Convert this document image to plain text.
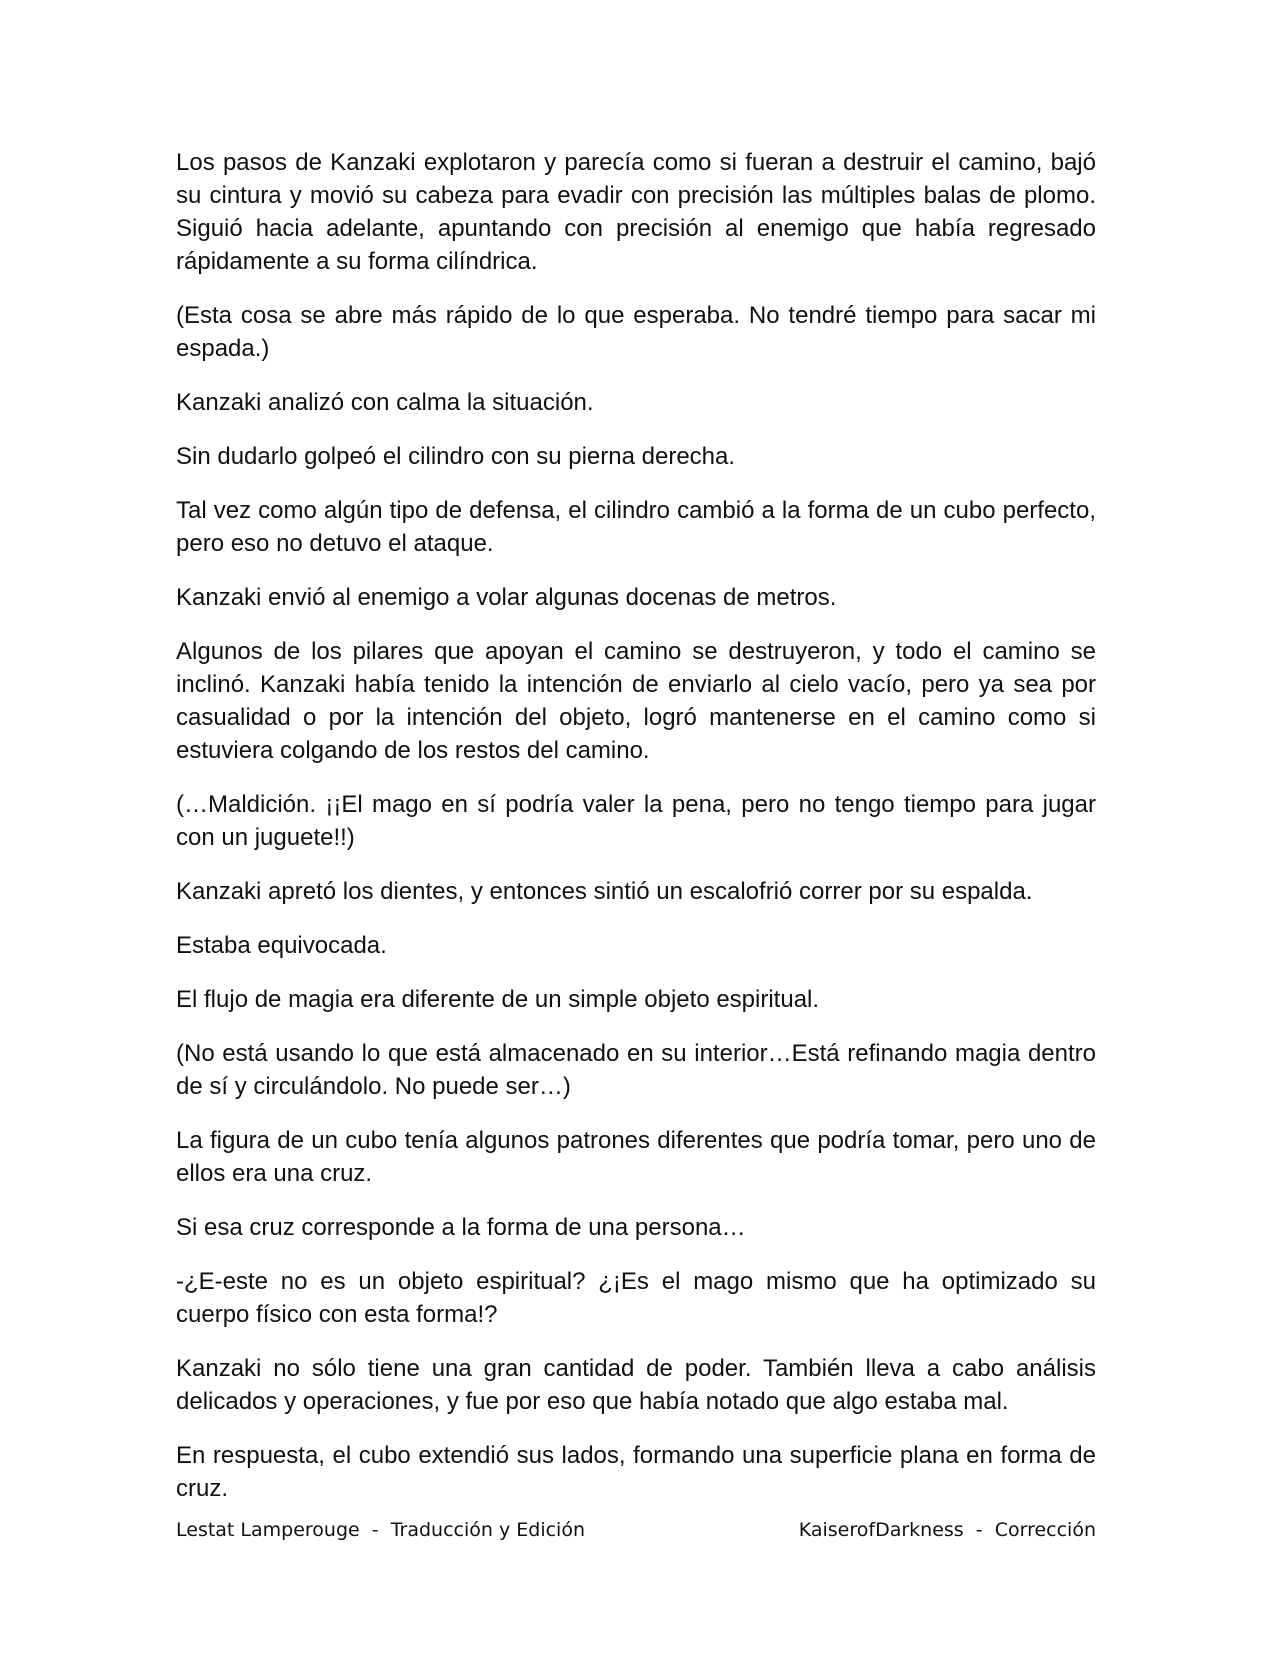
Los pasos de Kanzaki explotaron y parecía como si fueran a destruir el camino, bajó su cintura y movió su cabeza para evadir con precisión las múltiples balas de plomo. Siguió hacia adelante, apuntando con precisión al enemigo que había regresado rápidamente a su forma cilíndrica.

(Esta cosa se abre más rápido de lo que esperaba. No tendré tiempo para sacar mi espada.)

Kanzaki analizó con calma la situación.

Sin dudarlo golpeó el cilindro con su pierna derecha.

Tal vez como algún tipo de defensa, el cilindro cambió a la forma de un cubo perfecto, pero eso no detuvo el ataque.

Kanzaki envió al enemigo a volar algunas docenas de metros.

Algunos de los pilares que apoyan el camino se destruyeron, y todo el camino se inclinó. Kanzaki había tenido la intención de enviarlo al cielo vacío, pero ya sea por casualidad o por la intención del objeto, logró mantenerse en el camino como si estuviera colgando de los restos del camino.

(…Maldición. ¡¡El mago en sí podría valer la pena, pero no tengo tiempo para jugar con un juguete!!)

Kanzaki apretó los dientes, y entonces sintió un escalofrió correr por su espalda.

Estaba equivocada.

El flujo de magia era diferente de un simple objeto espiritual.

(No está usando lo que está almacenado en su interior…Está refinando magia dentro de sí y circulándolo. No puede ser…)

La figura de un cubo tenía algunos patrones diferentes que podría tomar, pero uno de ellos era una cruz.

Si esa cruz corresponde a la forma de una persona…

-¿E-este no es un objeto espiritual? ¿¡Es el mago mismo que ha optimizado su cuerpo físico con esta forma!?

Kanzaki no sólo tiene una gran cantidad de poder. También lleva a cabo análisis delicados y operaciones, y fue por eso que había notado que algo estaba mal.

En respuesta, el cubo extendió sus lados, formando una superficie plana en forma de cruz.

Lestat Lamperouge  -  Traducción y Edición	KaiserofDarkness  -  Corrección
